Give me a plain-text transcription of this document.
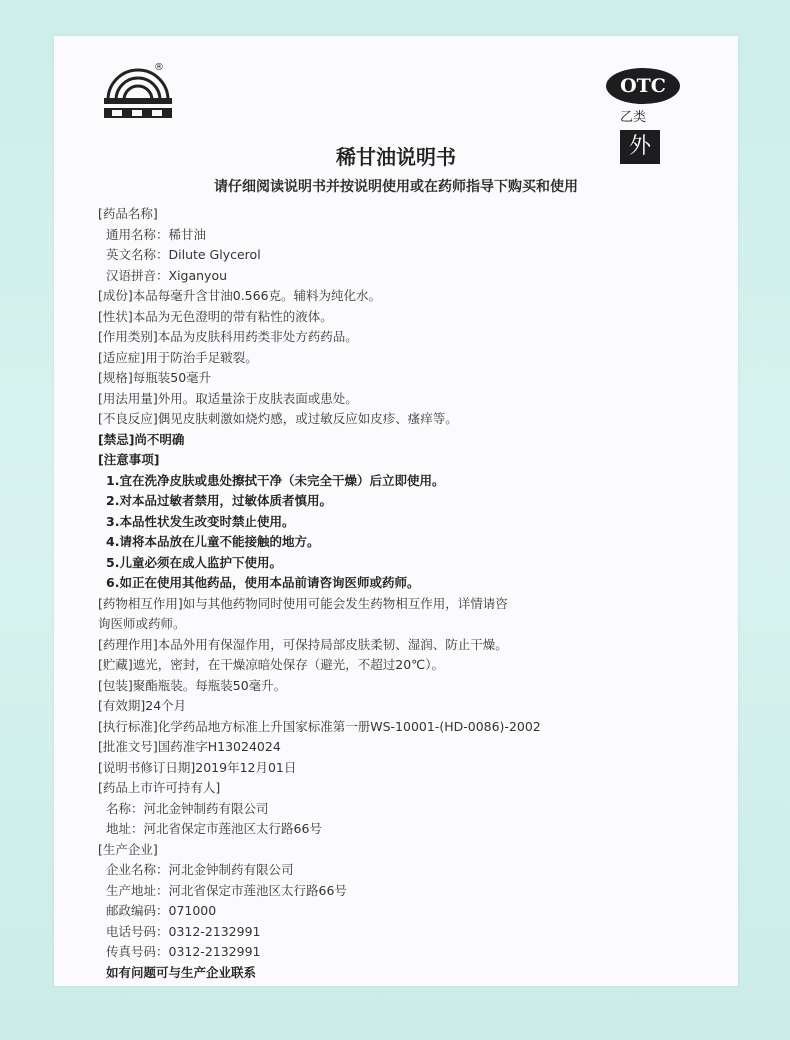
®
OTC
乙类
外
稀甘油说明书
请仔细阅读说明书并按说明使用或在药师指导下购买和使用
[药品名称]
通用名称：稀甘油
英文名称：Dilute Glycerol
汉语拼音：Xiganyou
[成份]本品每毫升含甘油0.566克。辅料为纯化水。
[性状]本品为无色澄明的带有粘性的液体。
[作用类别]本品为皮肤科用药类非处方药药品。
[适应症]用于防治手足皲裂。
[规格]每瓶装50毫升
[用法用量]外用。取适量涂于皮肤表面或患处。
[不良反应]偶见皮肤刺激如烧灼感，或过敏反应如皮疹、瘙痒等。
[禁忌]尚不明确
[注意事项]
1.宜在洗净皮肤或患处擦拭干净（未完全干燥）后立即使用。
2.对本品过敏者禁用，过敏体质者慎用。
3.本品性状发生改变时禁止使用。
4.请将本品放在儿童不能接触的地方。
5.儿童必须在成人监护下使用。
6.如正在使用其他药品，使用本品前请咨询医师或药师。
[药物相互作用]如与其他药物同时使用可能会发生药物相互作用，详情请咨
询医师或药师。
[药理作用]本品外用有保湿作用，可保持局部皮肤柔韧、湿润、防止干燥。
[贮藏]遮光，密封，在干燥凉暗处保存（避光，不超过20℃）。
[包装]聚酯瓶装。每瓶装50毫升。
[有效期]24个月
[执行标准]化学药品地方标准上升国家标准第一册WS-10001-(HD-0086)-2002
[批准文号]国药准字H13024024
[说明书修订日期]2019年12月01日
[药品上市许可持有人]
名称：河北金钟制药有限公司
地址：河北省保定市莲池区太行路66号
[生产企业]
企业名称：河北金钟制药有限公司
生产地址：河北省保定市莲池区太行路66号
邮政编码：071000
电话号码：0312-2132991
传真号码：0312-2132991
如有问题可与生产企业联系
